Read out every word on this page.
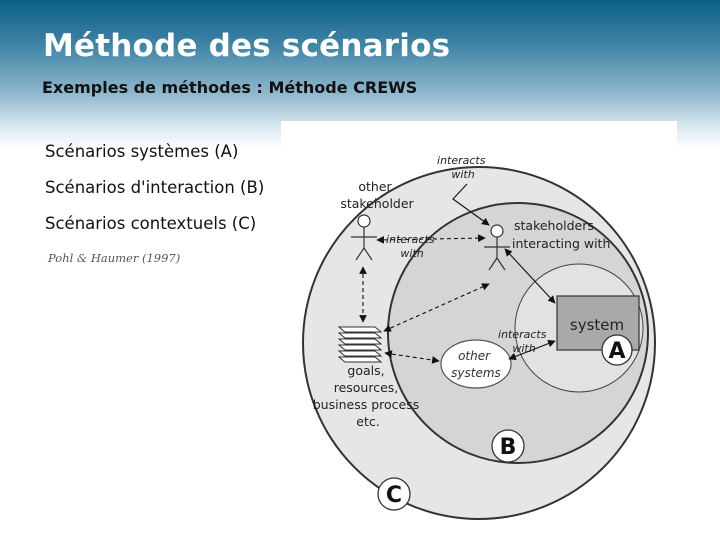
Méthode des scénarios
Exemples de méthodes : Méthode CREWS
Scénarios systèmes (A)
Scénarios d'interaction (B)
Scénarios contextuels (C)
Pohl & Haumer (1997)
system
other systems
interacts with
other stakeholder
interacts with
stakeholders interacting with
interacts with
goals, resources, business process etc.
A
B
C
